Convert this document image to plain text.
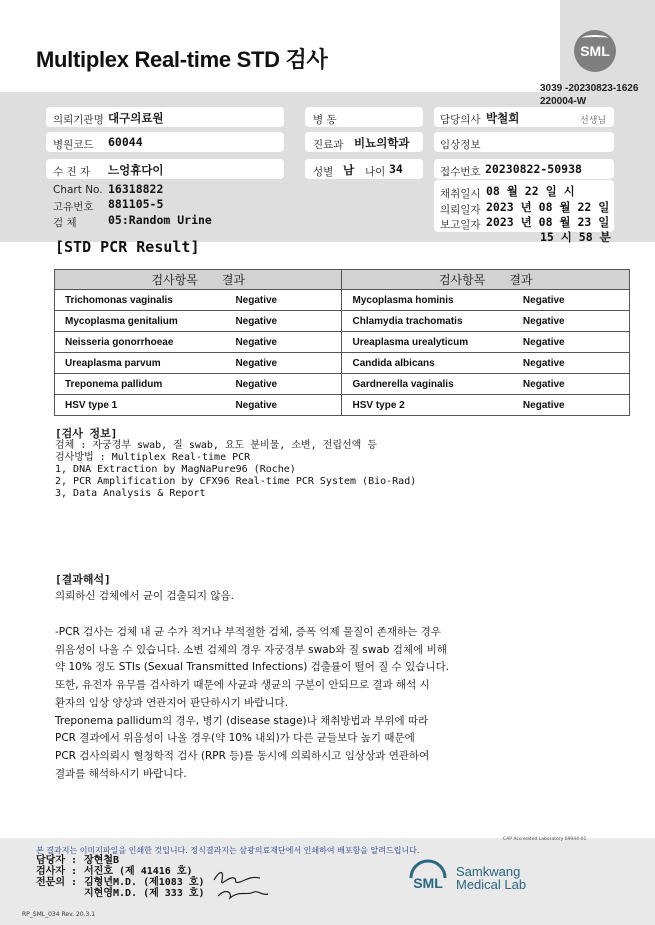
Multiplex Real-time STD 검사	SML
3039 -20230823-1626
220004-W
의뢰기관명 대구의료원	병 동	담당의사 박철희	선생님
병원코드 60044	진료과 비뇨의학과	임상정보
수 진 자 느엉휴다이	성별 남 나이 34	접수번호 20230822-50938
Chart No. 16318822
고유번호 881105-5
검 체	05:Random Urine
채취일시 08 월 22 일 시
의뢰일자 2023 년 08 월 22 일
보고일자 2023 년 08 월 23 일
15 시 58 분
[STD PCR Result]
검사항목 결과		검사항목 결과	
Trichomonas vaginalis	Negative	Mycoplasma hominis	Negative
Mycoplasma genitalium	Negative	Chlamydia trachomatis	Negative
Neisseria gonorrhoeae	Negative	Ureaplasma urealyticum	Negative
Ureaplasma parvum	Negative	Candida albicans	Negative
Treponema pallidum	Negative	Gardnerella vaginalis	Negative
HSV type 1	Negative	HSV type 2	Negative
[검사 정보]
검체 : 자궁경부 swab, 질 swab, 요도 분비물, 소변, 전립선액 등
검사방법 : Multiplex Real-time PCR
1, DNA Extraction by MagNaPure96 (Roche)
2, PCR Amplification by CFX96 Real-time PCR System (Bio-Rad)
3, Data Analysis & Report
[결과해석]
의뢰하신 검체에서 균이 검출되지 않음.
-PCR 검사는 검체 내 균 수가 적거나 부적절한 검체, 증폭 억제 물질이 존재하는 경우
위음성이 나올 수 있습니다. 소변 검체의 경우 자궁경부 swab와 질 swab 검체에 비해
약 10% 정도 STIs (Sexual Transmitted Infections) 검출률이 떨어 질 수 있습니다.
또한, 유전자 유무를 검사하기 때문에 사균과 생균의 구분이 안되므로 결과 해석 시
환자의 임상 양상과 연관지어 판단하시기 바랍니다.
Treponema pallidum의 경우, 병기 (disease stage)나 채취방법과 부위에 따라
PCR 결과에서 위음성이 나올 경우(약 10% 내외)가 다른 균들보다 높기 때문에
PCR 검사의뢰시 혈청학적 검사 (RPR 등)를 동시에 의뢰하시고 임상상과 연관하여
결과를 해석하시기 바랍니다.
CAP Accredited Laboratory 69944-01
본 결과지는 이미지파일을 인쇄한 것입니다. 정식결과지는 삼광의료재단에서 인쇄하여 배포함을 알려드립니다.
담당자 : 장현철B
검사자 : 서진호 (제 41416 호)
전문의 : 김형년M.D. (제1083 호)
지현영M.D. (제 333 호)
SML
Samkwang
Medical Lab
RP_SML_034 Rev. 20.3.1
